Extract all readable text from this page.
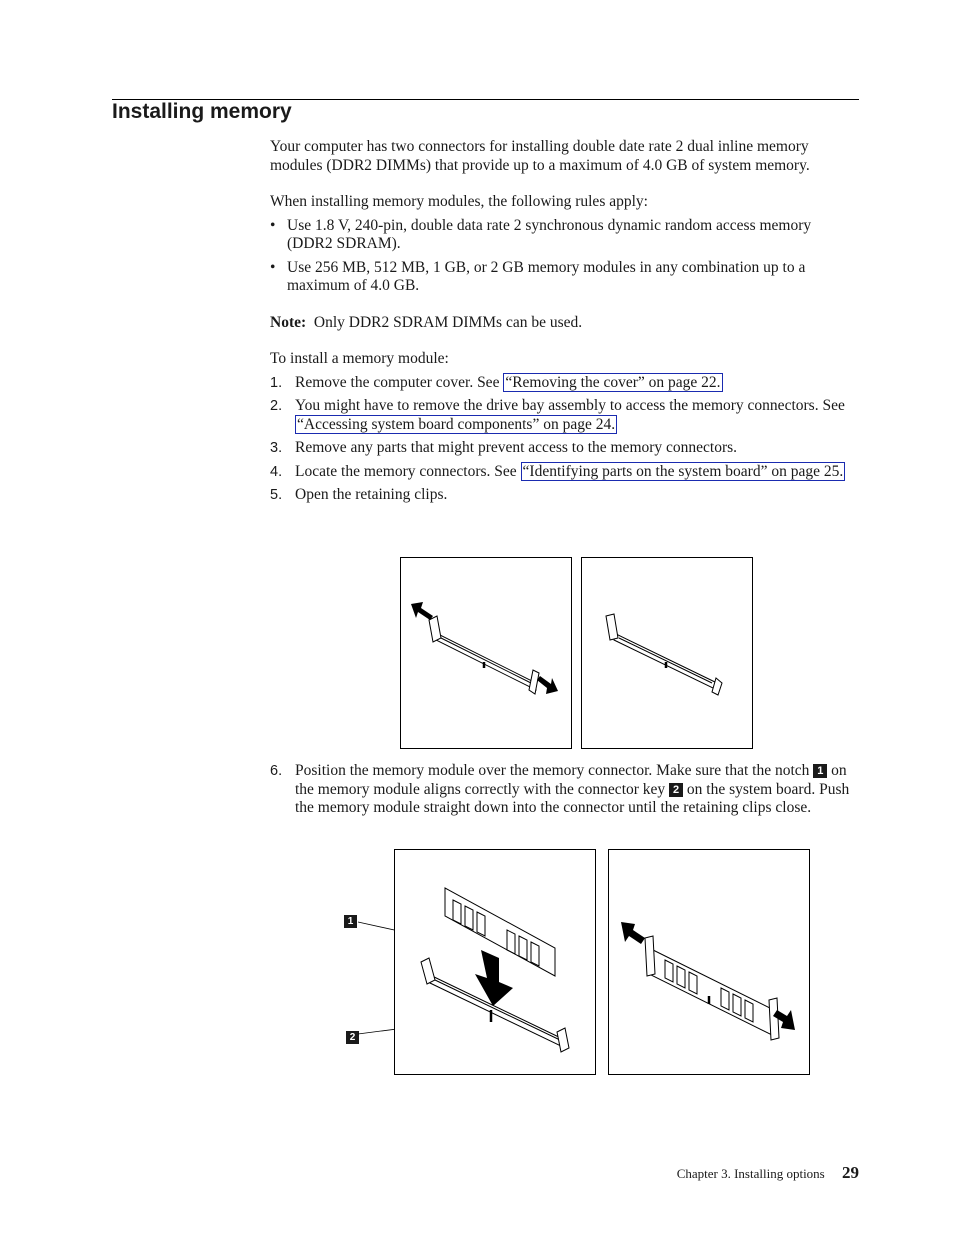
Installing memory

Your computer has two connectors for installing double date rate 2 dual inline memory modules (DDR2 DIMMs) that provide up to a maximum of 4.0 GB of system memory.

When installing memory modules, the following rules apply:

• Use 1.8 V, 240-pin, double data rate 2 synchronous dynamic random access memory (DDR2 SDRAM).
• Use 256 MB, 512 MB, 1 GB, or 2 GB memory modules in any combination up to a maximum of 4.0 GB.

Note: Only DDR2 SDRAM DIMMs can be used.

To install a memory module:

1. Remove the computer cover. See “Removing the cover” on page 22.
2. You might have to remove the drive bay assembly to access the memory connectors. See “Accessing system board components” on page 24.
3. Remove any parts that might prevent access to the memory connectors.
4. Locate the memory connectors. See “Identifying parts on the system board” on page 25.
5. Open the retaining clips.
6. Position the memory module over the memory connector. Make sure that the notch 1 on the memory module aligns correctly with the connector key 2 on the system board. Push the memory module straight down into the connector until the retaining clips close.
1
2
Chapter 3. Installing options 29
